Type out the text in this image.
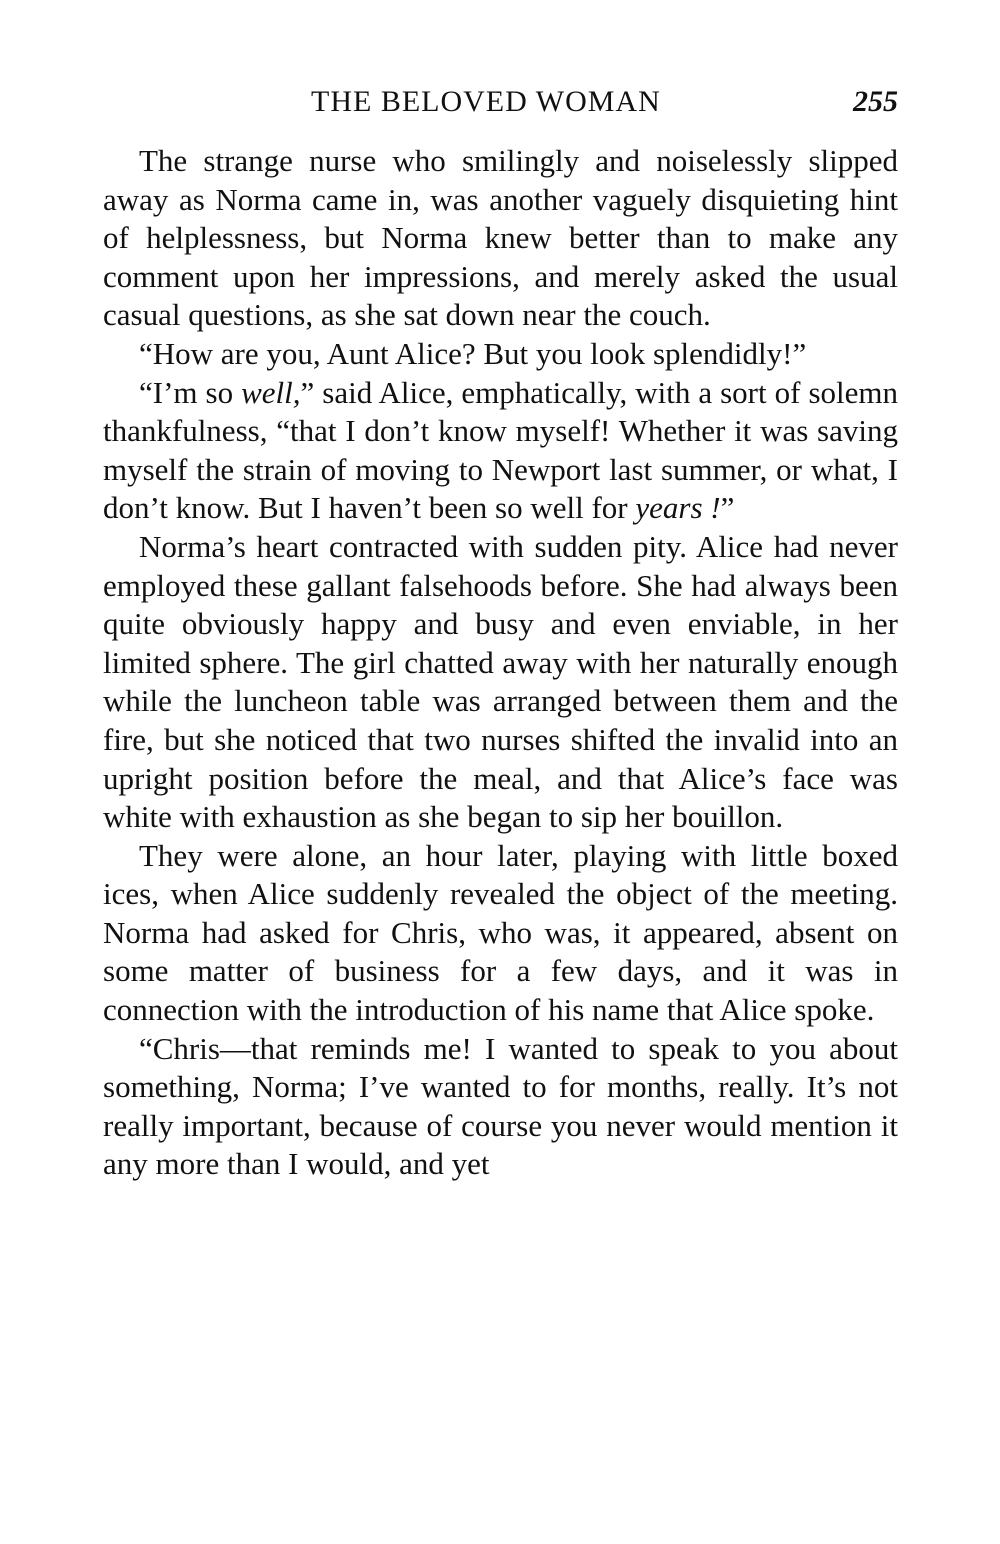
THE BELOVED WOMAN	255

The strange nurse who smilingly and noiselessly slipped away as Norma came in, was another vaguely disquieting hint of helplessness, but Norma knew better than to make any comment upon her impressions, and merely asked the usual casual questions, as she sat down near the couch.

“How are you, Aunt Alice? But you look splendidly!”

“I’m so well,” said Alice, emphatically, with a sort of solemn thankfulness, “that I don’t know myself! Whether it was saving myself the strain of moving to Newport last summer, or what, I don’t know. But I haven’t been so well for years !”

Norma’s heart contracted with sudden pity. Alice had never employed these gallant falsehoods before. She had always been quite obviously happy and busy and even enviable, in her limited sphere. The girl chatted away with her naturally enough while the luncheon table was arranged between them and the fire, but she noticed that two nurses shifted the invalid into an upright position before the meal, and that Alice’s face was white with exhaustion as she began to sip her bouillon.

They were alone, an hour later, playing with little boxed ices, when Alice suddenly revealed the object of the meeting. Norma had asked for Chris, who was, it appeared, absent on some matter of business for a few days, and it was in connection with the introduction of his name that Alice spoke.

“Chris—that reminds me! I wanted to speak to you about something, Norma; I’ve wanted to for months, really. It’s not really important, because of course you never would mention it any more than I would, and yet
